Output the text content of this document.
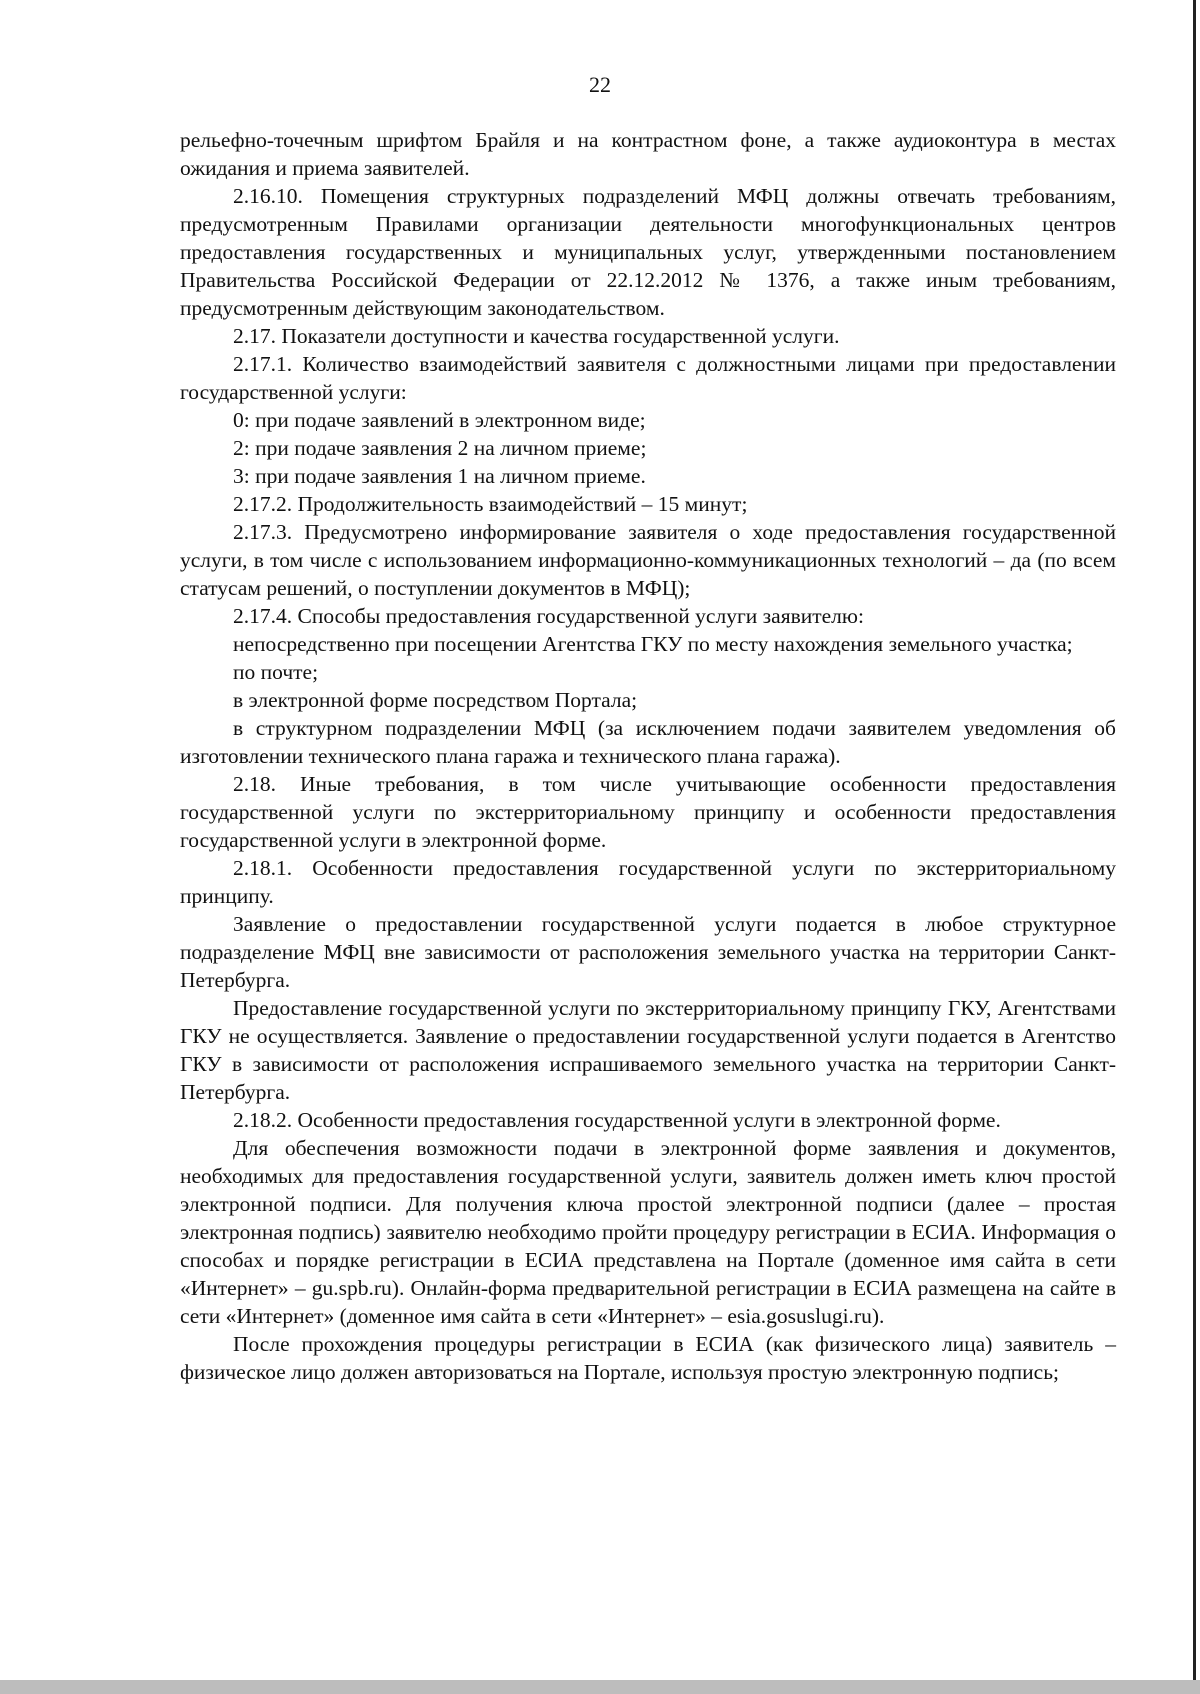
22

рельефно-точечным шрифтом Брайля и на контрастном фоне, а также аудиоконтура в местах ожидания и приема заявителей.

2.16.10. Помещения структурных подразделений МФЦ должны отвечать требованиям, предусмотренным Правилами организации деятельности многофункциональных центров предоставления государственных и муниципальных услуг, утвержденными постановлением Правительства Российской Федерации от 22.12.2012 № 1376, а также иным требованиям, предусмотренным действующим законодательством.

2.17. Показатели доступности и качества государственной услуги.

2.17.1. Количество взаимодействий заявителя с должностными лицами при предоставлении государственной услуги:

0: при подаче заявлений в электронном виде;

2: при подаче заявления 2 на личном приеме;

3: при подаче заявления 1 на личном приеме.

2.17.2. Продолжительность взаимодействий – 15 минут;

2.17.3. Предусмотрено информирование заявителя о ходе предоставления государственной услуги, в том числе с использованием информационно-коммуникационных технологий – да (по всем статусам решений, о поступлении документов в МФЦ);

2.17.4. Способы предоставления государственной услуги заявителю:

непосредственно при посещении Агентства ГКУ по месту нахождения земельного участка;

по почте;

в электронной форме посредством Портала;

в структурном подразделении МФЦ (за исключением подачи заявителем уведомления об изготовлении технического плана гаража и технического плана гаража).

2.18. Иные требования, в том числе учитывающие особенности предоставления государственной услуги по экстерриториальному принципу и особенности предоставления государственной услуги в электронной форме.

2.18.1. Особенности предоставления государственной услуги по экстерриториальному принципу.

Заявление о предоставлении государственной услуги подается в любое структурное подразделение МФЦ вне зависимости от расположения земельного участка на территории Санкт-Петербурга.

Предоставление государственной услуги по экстерриториальному принципу ГКУ, Агентствами ГКУ не осуществляется. Заявление о предоставлении государственной услуги подается в Агентство ГКУ в зависимости от расположения испрашиваемого земельного участка на территории Санкт-Петербурга.

2.18.2. Особенности предоставления государственной услуги в электронной форме.

Для обеспечения возможности подачи в электронной форме заявления и документов, необходимых для предоставления государственной услуги, заявитель должен иметь ключ простой электронной подписи. Для получения ключа простой электронной подписи (далее – простая электронная подпись) заявителю необходимо пройти процедуру регистрации в ЕСИА. Информация о способах и порядке регистрации в ЕСИА представлена на Портале (доменное имя сайта в сети «Интернет» – gu.spb.ru). Онлайн-форма предварительной регистрации в ЕСИА размещена на сайте в сети «Интернет» (доменное имя сайта в сети «Интернет» – esia.gosuslugi.ru).

После прохождения процедуры регистрации в ЕСИА (как физического лица) заявитель – физическое лицо должен авторизоваться на Портале, используя простую электронную подпись;
